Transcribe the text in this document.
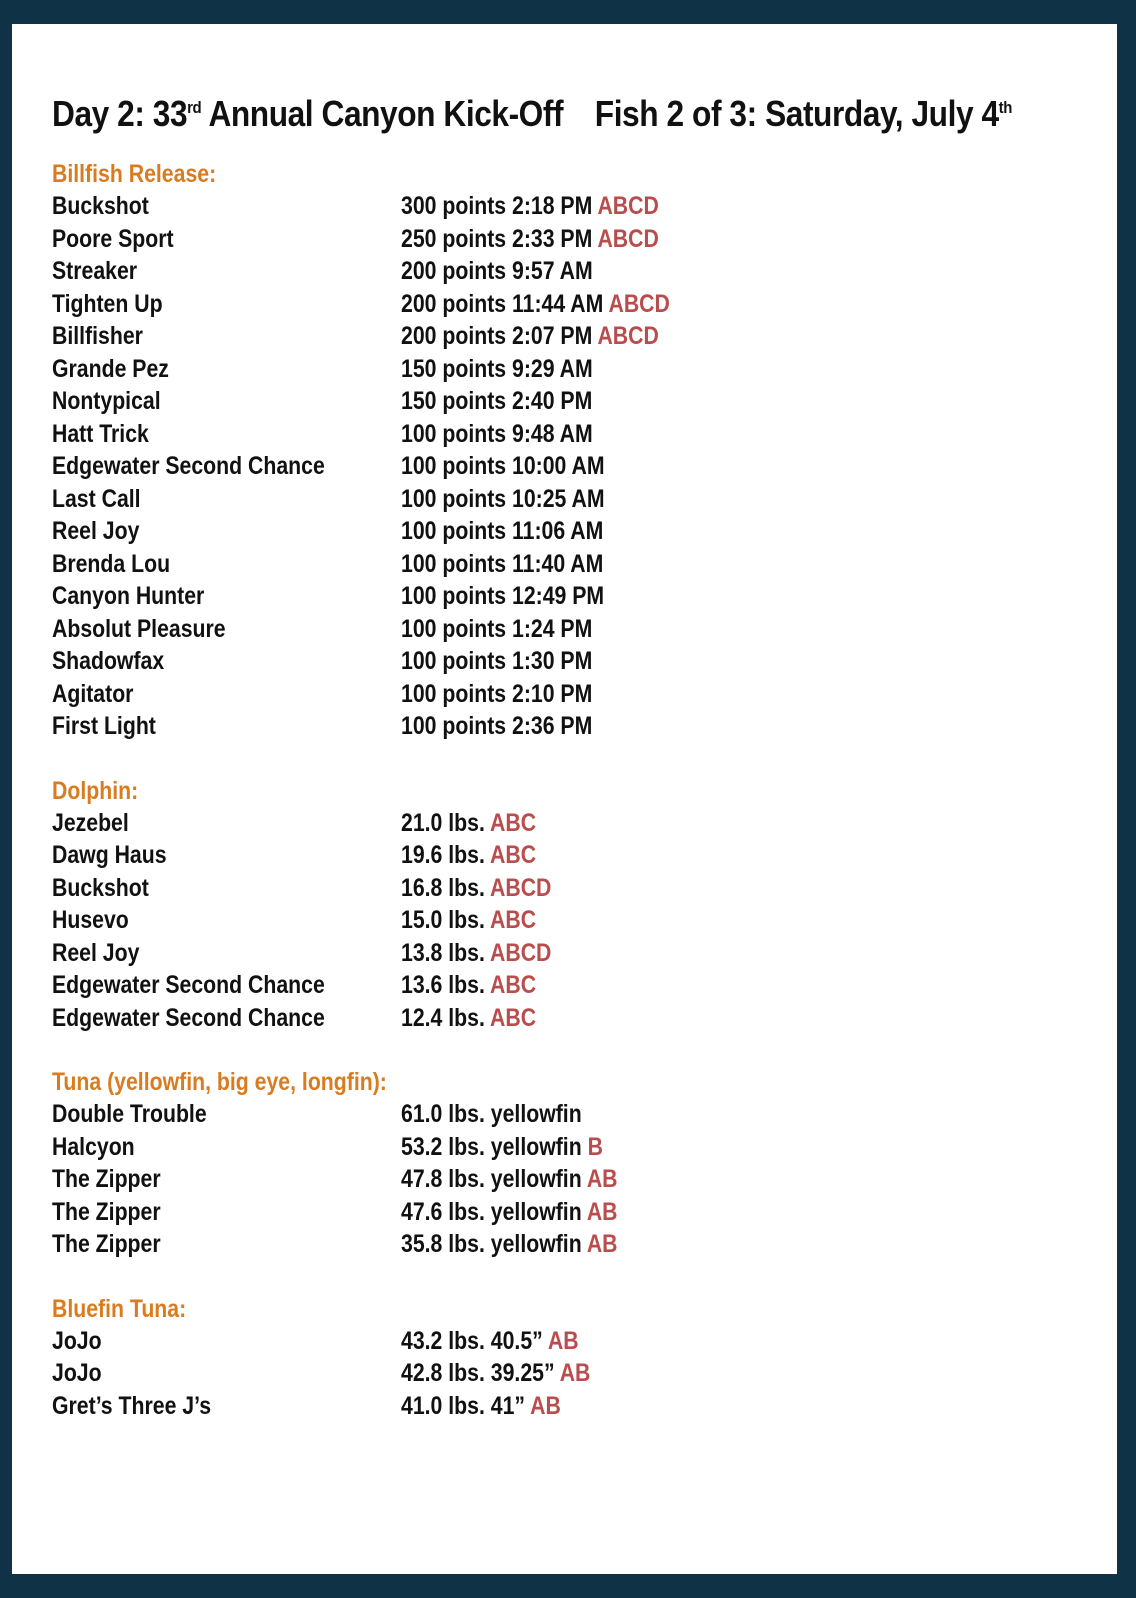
Day 2: 33rd Annual Canyon Kick-Off Fish 2 of 3: Saturday, July 4th
Billfish Release:
Buckshot	300 points 2:18 PM ABCD
Poore Sport	250 points 2:33 PM ABCD
Streaker	200 points 9:57 AM
Tighten Up	200 points 11:44 AM ABCD
Billfisher	200 points 2:07 PM ABCD
Grande Pez	150 points 9:29 AM
Nontypical	150 points 2:40 PM
Hatt Trick	100 points 9:48 AM
Edgewater Second Chance	100 points 10:00 AM
Last Call	100 points 10:25 AM
Reel Joy	100 points 11:06 AM
Brenda Lou	100 points 11:40 AM
Canyon Hunter	100 points 12:49 PM
Absolut Pleasure	100 points 1:24 PM
Shadowfax	100 points 1:30 PM
Agitator	100 points 2:10 PM
First Light	100 points 2:36 PM
Dolphin:
Jezebel	21.0 lbs. ABC
Dawg Haus	19.6 lbs. ABC
Buckshot	16.8 lbs. ABCD
Husevo	15.0 lbs. ABC
Reel Joy	13.8 lbs. ABCD
Edgewater Second Chance	13.6 lbs. ABC
Edgewater Second Chance	12.4 lbs. ABC
Tuna (yellowfin, big eye, longfin):
Double Trouble	61.0 lbs. yellowfin
Halcyon	53.2 lbs. yellowfin B
The Zipper	47.8 lbs. yellowfin AB
The Zipper	47.6 lbs. yellowfin AB
The Zipper	35.8 lbs. yellowfin AB
Bluefin Tuna:
JoJo	43.2 lbs. 40.5” AB
JoJo	42.8 lbs. 39.25” AB
Gret’s Three J’s	41.0 lbs. 41” AB
